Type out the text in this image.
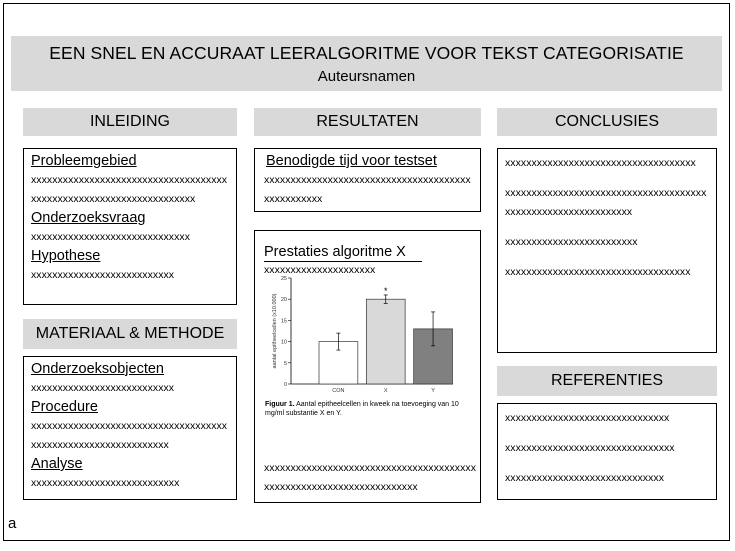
EEN SNEL EN ACCURAAT LEERALGORITME VOOR TEKST CATEGORISATIE
Auteursnamen
INLEIDING
Probleemgebied
xxxxxxxxxxxxxxxxxxxxxxxxxxxxxxxxxxxxxxxxxxxxxxxxxxxxxxxxxxxxxxxxxxxx
Onderzoeksvraag
xxxxxxxxxxxxxxxxxxxxxxxxxxxxxx
Hypothese
xxxxxxxxxxxxxxxxxxxxxxxxxxx
MATERIAAL & METHODE
Onderzoeksobjecten
xxxxxxxxxxxxxxxxxxxxxxxxxxx
Procedure
xxxxxxxxxxxxxxxxxxxxxxxxxxxxxxxxxxxxxxxxxxxxxxxxxxxxxxxxxxxxxxx
Analyse
xxxxxxxxxxxxxxxxxxxxxxxxxxxx
RESULTATEN
Benodigde tijd voor testset
xxxxxxxxxxxxxxxxxxxxxxxxxxxxxxxxxxxxxxxxxxxxxxxxxx
Prestaties algoritme X
xxxxxxxxxxxxxxxxxxxxx
xxxxxxxxxxxxxxxxxxxxxxxxxxxxxxxxxxxxxxxxxxxxxxxxxxxxxxxxxxxxxxxxxxxxx
0
5
10
15
20
25
aantal epitheelcellen (x10.000)
CON
*
X	Y
Figuur 1. Aantal epitheelcellen in kweek na toevoeging van 10 mg/ml substantie X en Y.
CONCLUSIES
xxxxxxxxxxxxxxxxxxxxxxxxxxxxxxxxxxxx
xxxxxxxxxxxxxxxxxxxxxxxxxxxxxxxxxxxxxxxxxxxxxxxxxxxxxxxxxxxxxx
xxxxxxxxxxxxxxxxxxxxxxxxx
xxxxxxxxxxxxxxxxxxxxxxxxxxxxxxxxxxx
REFERENTIES
xxxxxxxxxxxxxxxxxxxxxxxxxxxxxxx
xxxxxxxxxxxxxxxxxxxxxxxxxxxxxxxx
xxxxxxxxxxxxxxxxxxxxxxxxxxxxxx
a
